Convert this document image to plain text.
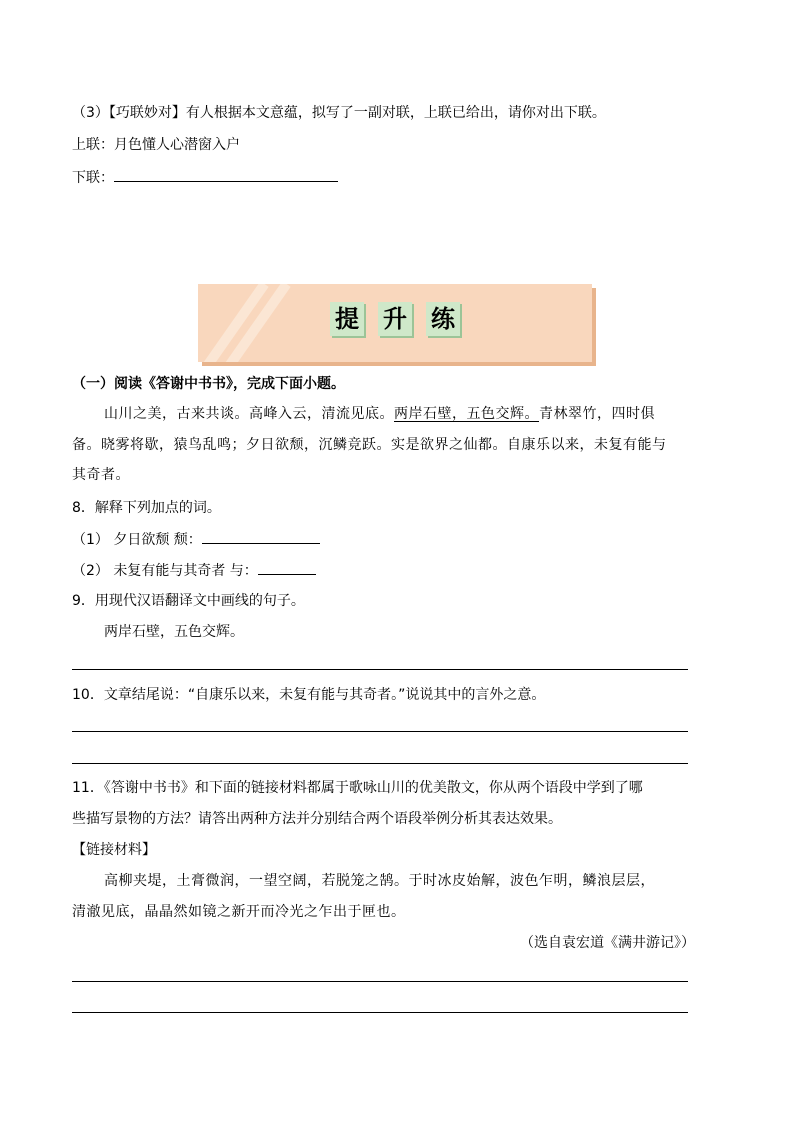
（3）【巧联妙对】有人根据本文意蕴，拟写了一副对联，上联已给出，请你对出下联。
上联：月色懂人心潜窗入户
下联：
提 升 练
（一）阅读《答谢中书书》，完成下面小题。
山川之美，古来共谈。高峰入云，清流见底。两岸石壁，五色交辉。青林翠竹，四时俱
备。晓雾将歇，猿鸟乱鸣；夕日欲颓，沉鳞竞跃。实是欲界之仙都。自康乐以来，未复有能与
其奇者。
8．解释下列加点的词。
（1） 夕日欲颓 颓：
（2） 未复有能与其奇者 与：
9．用现代汉语翻译文中画线的句子。
两岸石壁，五色交辉。
10．文章结尾说：“自康乐以来，未复有能与其奇者。”说说其中的言外之意。
11．《答谢中书书》和下面的链接材料都属于歌咏山川的优美散文，你从两个语段中学到了哪
些描写景物的方法？请答出两种方法并分别结合两个语段举例分析其表达效果。
【链接材料】
高柳夹堤，土膏微润，一望空阔，若脱笼之鹄。于时冰皮始解，波色乍明，鳞浪层层，
清澈见底，晶晶然如镜之新开而冷光之乍出于匣也。
（选自袁宏道《满井游记》）
